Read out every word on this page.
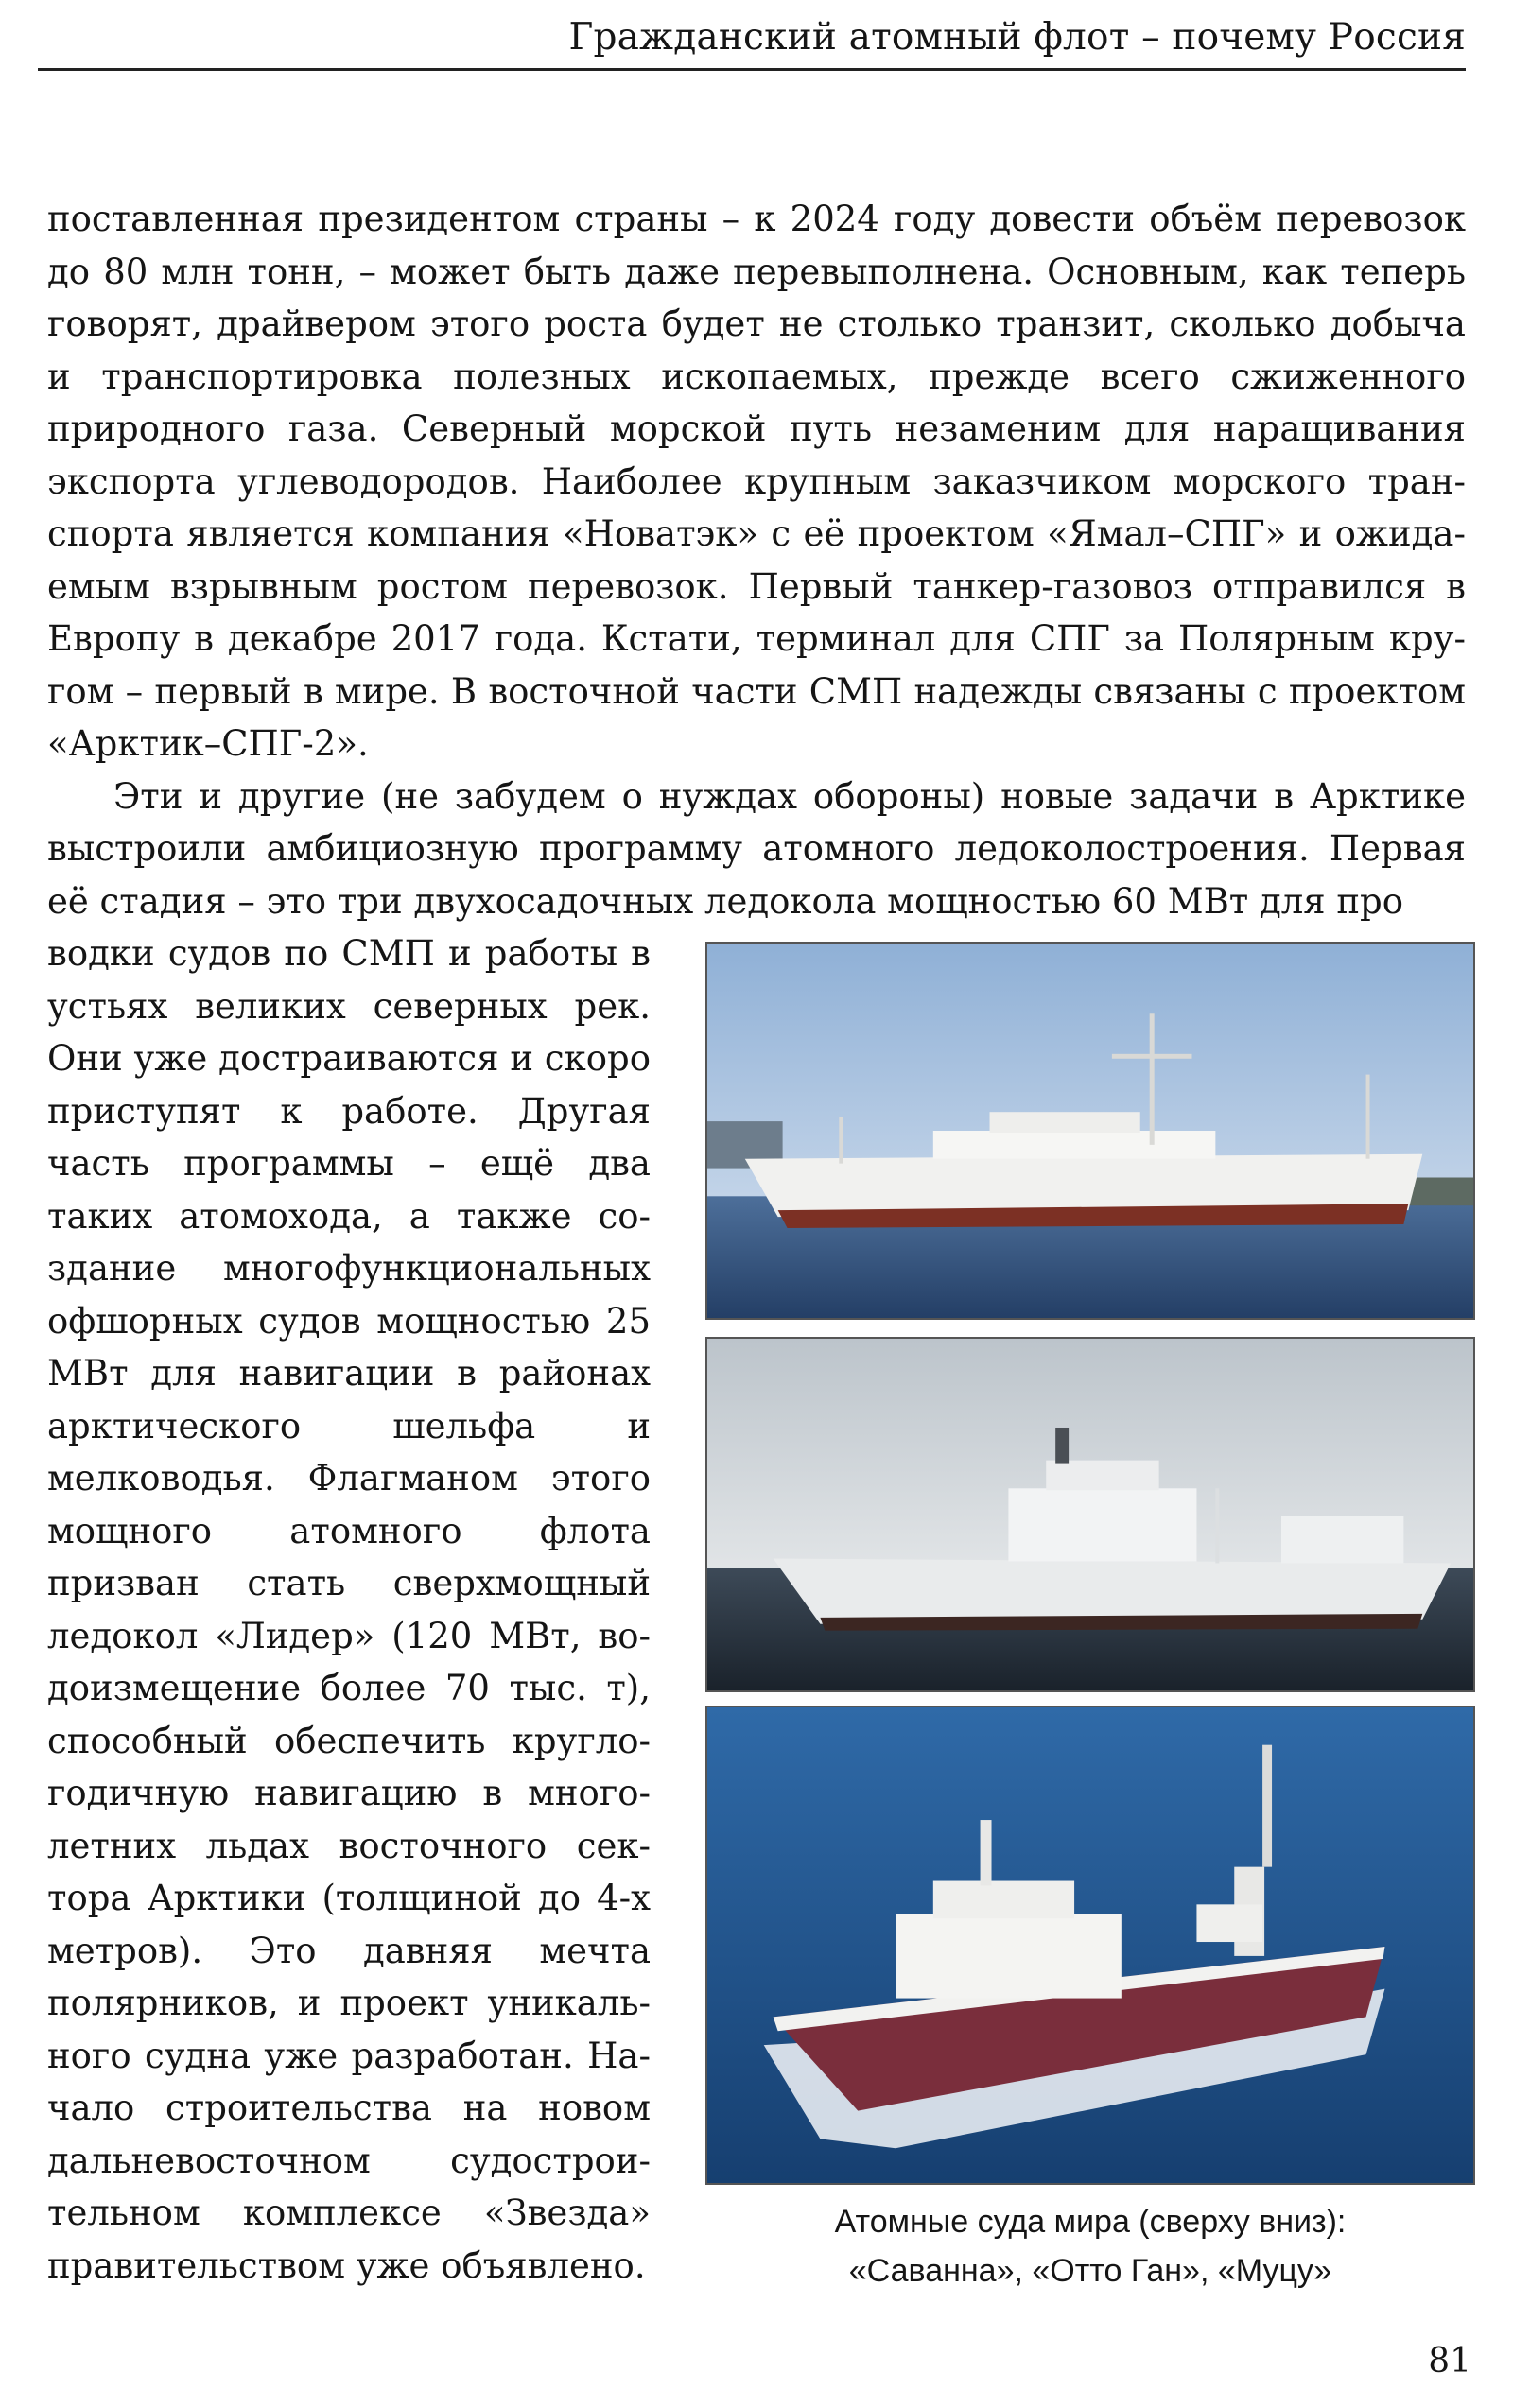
Гражданский атомный флот – почему Россия

поставленная президентом страны – к 2024 году довести объём перевозок до 80 млн тонн, – может быть даже перевыполнена. Основным, как теперь говорят, драйвером этого роста будет не столько транзит, сколько добыча и транспортировка полезных ископаемых, прежде всего сжиженного природного газа. Северный морской путь незаменим для наращивания экспорта углеводородов. Наиболее крупным заказчиком морского транспорта является компания «Новатэк» с её проектом «Ямал–СПГ» и ожидаемым взрывным ростом перевозок. Первый танкер-газовоз отправился в Европу в декабре 2017 года. Кстати, терминал для СПГ за Полярным кругом – первый в мире. В восточной части СМП надежды связаны с проектом «Арктик–СПГ-2».

Эти и другие (не забудем о нуждах обороны) новые задачи в Арктике выстроили амбициозную программу атомного ледоколостроения. Первая её стадия – это три двухосадочных ледокола мощностью 60 МВт для про

водки судов по СМП и работы в устьях великих северных рек. Они уже достраиваются и скоро приступят к работе. Другая часть программы – ещё два таких атомохода, а также создание многофункциональных офшорных судов мощностью 25 МВт для навигации в районах арктического шельфа и мелководья. Флагманом этого мощного атомного флота призван стать сверхмощный ледокол «Лидер» (120 МВт, водоизмещение более 70 тыс. т), способный обеспечить круглогодичную навигацию в многолетних льдах восточного сектора Арктики (толщиной до 4-х метров). Это давняя мечта полярников, и проект уникального судна уже разработан. Начало строительства на новом дальневосточном судостроительном комплексе «Звезда» правительством уже объявлено.

Атомные суда мира (сверху вниз):
«Саванна», «Отто Ган», «Муцу»
81
